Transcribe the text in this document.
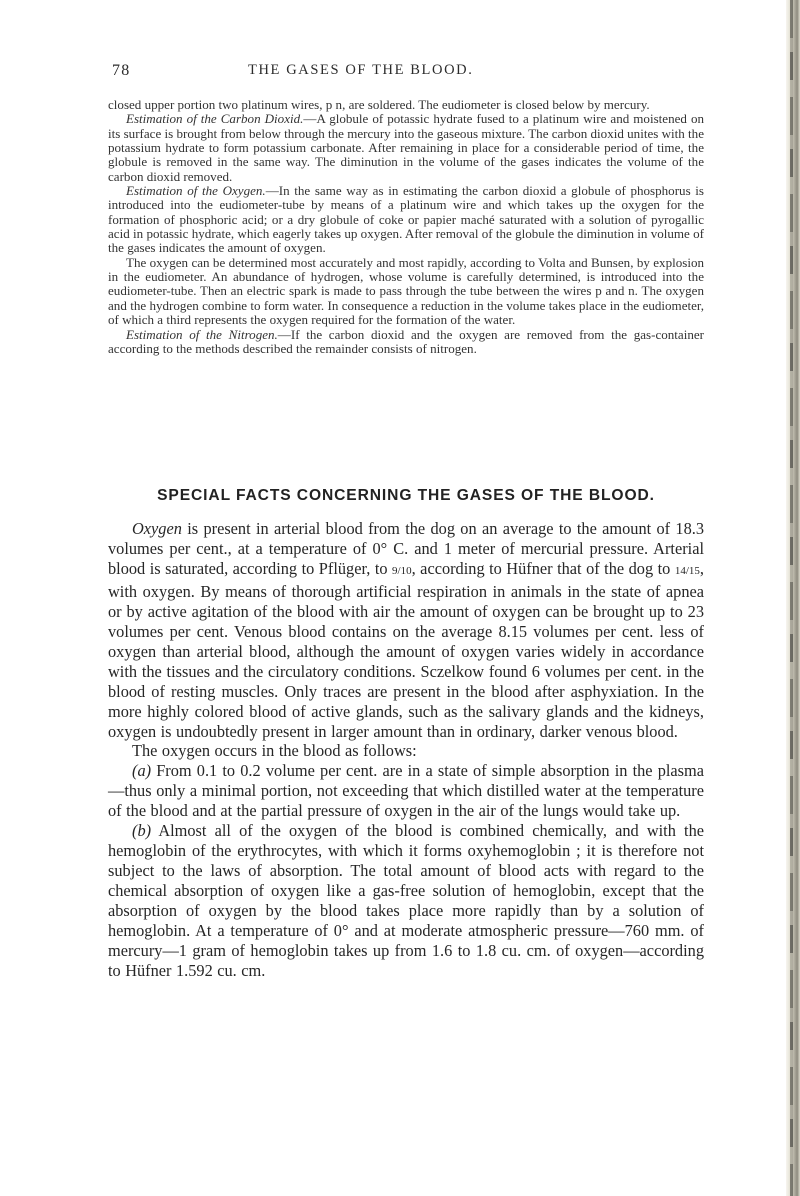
78	THE GASES OF THE BLOOD.

closed upper portion two platinum wires, p n, are soldered. The eudiometer is closed below by mercury.

Estimation of the Carbon Dioxid.—A globule of potassic hydrate fused to a platinum wire and moistened on its surface is brought from below through the mercury into the gaseous mixture. The carbon dioxid unites with the potassium hydrate to form potassium carbonate. After remaining in place for a considerable period of time, the globule is removed in the same way. The diminution in the volume of the gases indicates the volume of the carbon dioxid removed.

Estimation of the Oxygen.—In the same way as in estimating the carbon dioxid a globule of phosphorus is introduced into the eudiometer-tube by means of a platinum wire and which takes up the oxygen for the formation of phosphoric acid; or a dry globule of coke or papier maché saturated with a solution of pyrogallic acid in potassic hydrate, which eagerly takes up oxygen. After removal of the globule the diminution in volume of the gases indicates the amount of oxygen.

The oxygen can be determined most accurately and most rapidly, according to Volta and Bunsen, by explosion in the eudiometer. An abundance of hydrogen, whose volume is carefully determined, is introduced into the eudiometer-tube. Then an electric spark is made to pass through the tube between the wires p and n. The oxygen and the hydrogen combine to form water. In consequence a reduction in the volume takes place in the eudiometer, of which a third represents the oxygen required for the formation of the water.

Estimation of the Nitrogen.—If the carbon dioxid and the oxygen are removed from the gas-container according to the methods described the remainder consists of nitrogen.

SPECIAL FACTS CONCERNING THE GASES OF THE BLOOD.

Oxygen is present in arterial blood from the dog on an average to the amount of 18.3 volumes per cent., at a temperature of 0° C. and 1 meter of mercurial pressure. Arterial blood is saturated, according to Pflüger, to 9/10, according to Hüfner that of the dog to 14/15, with oxygen. By means of thorough artificial respiration in animals in the state of apnea or by active agitation of the blood with air the amount of oxygen can be brought up to 23 volumes per cent. Venous blood contains on the average 8.15 volumes per cent. less of oxygen than arterial blood, although the amount of oxygen varies widely in accordance with the tissues and the circulatory conditions. Sczelkow found 6 volumes per cent. in the blood of resting muscles. Only traces are present in the blood after asphyxiation. In the more highly colored blood of active glands, such as the salivary glands and the kidneys, oxygen is undoubtedly present in larger amount than in ordinary, darker venous blood.

The oxygen occurs in the blood as follows:

(a) From 0.1 to 0.2 volume per cent. are in a state of simple absorption in the plasma—thus only a minimal portion, not exceeding that which distilled water at the temperature of the blood and at the partial pressure of oxygen in the air of the lungs would take up.

(b) Almost all of the oxygen of the blood is combined chemically, and with the hemoglobin of the erythrocytes, with which it forms oxyhemoglobin ; it is therefore not subject to the laws of absorption. The total amount of blood acts with regard to the chemical absorption of oxygen like a gas-free solution of hemoglobin, except that the absorption of oxygen by the blood takes place more rapidly than by a solution of hemoglobin. At a temperature of 0° and at moderate atmospheric pressure—760 mm. of mercury—1 gram of hemoglobin takes up from 1.6 to 1.8 cu. cm. of oxygen—according to Hüfner 1.592 cu. cm.
